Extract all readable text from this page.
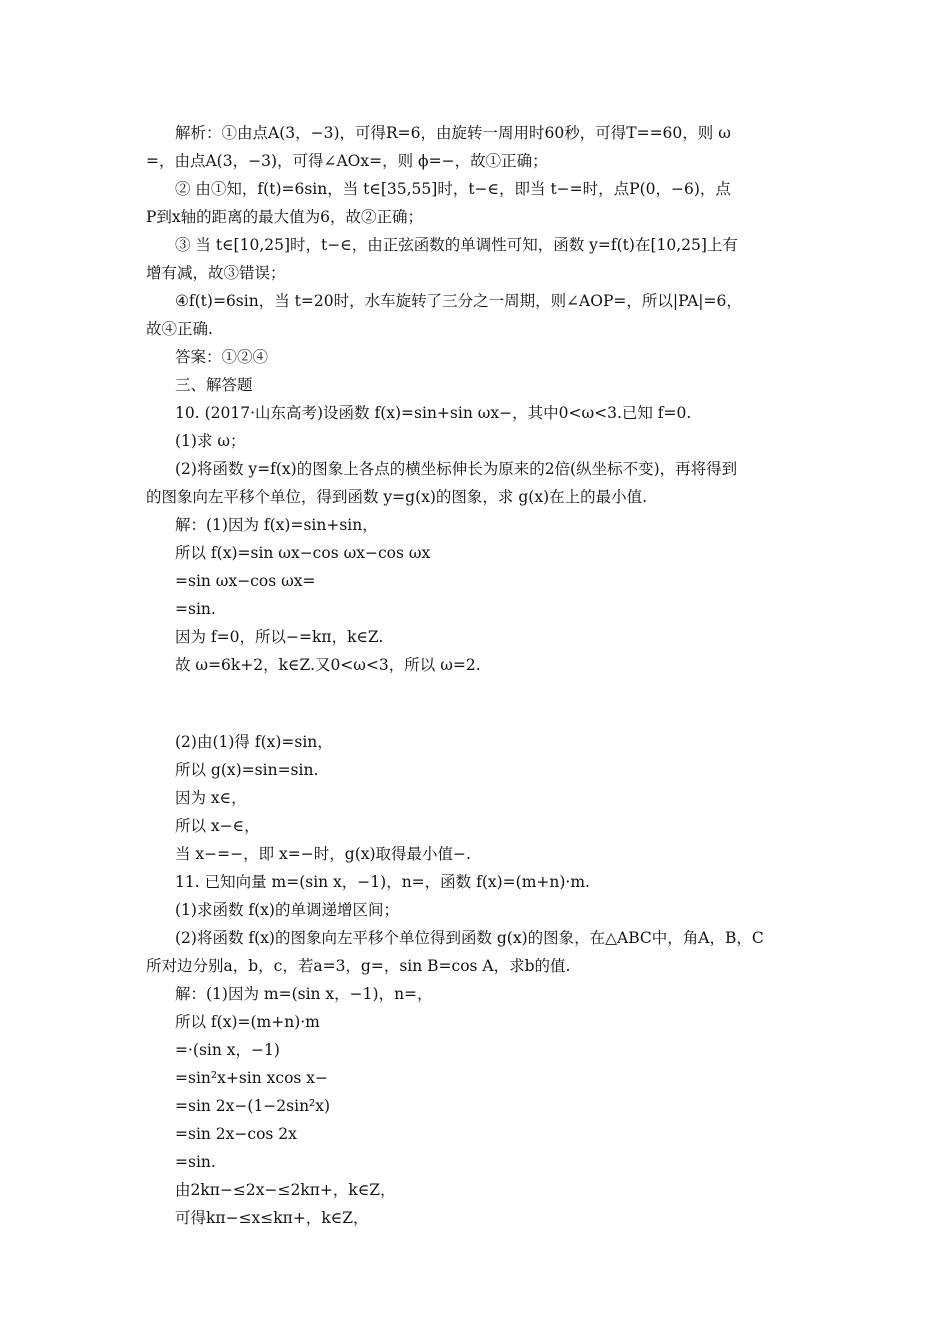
解析：①由点A(3，−3)，可得R=6，由旋转一周用时60秒，可得T==60，则 ω
=，由点A(3，−3)，可得∠AOx=，则 ϕ=−，故①正确；
② 由①知，f(t)=6sin，当 t∈[35,55]时，t−∈，即当 t−=时，点P(0，−6)，点
P到x轴的距离的最大值为6，故②正确；
③ 当 t∈[10,25]时，t−∈，由正弦函数的单调性可知，函数 y=f(t)在[10,25]上有
增有减，故③错误；
④f(t)=6sin，当 t=20时，水车旋转了三分之一周期，则∠AOP=，所以|PA|=6，
故④正确.
答案：①②④
三、解答题
10. (2017·山东高考)设函数 f(x)=sin+sin ωx−，其中0<ω<3.已知 f=0.
(1)求 ω；
(2)将函数 y=f(x)的图象上各点的横坐标伸长为原来的2倍(纵坐标不变)，再将得到
的图象向左平移个单位，得到函数 y=g(x)的图象，求 g(x)在上的最小值.
解：(1)因为 f(x)=sin+sin，
所以 f(x)=sin ωx−cos ωx−cos ωx
=sin ωx−cos ωx=
=sin.
因为 f=0，所以−=kπ，k∈Z.
故 ω=6k+2，k∈Z.又0<ω<3，所以 ω=2.
(2)由(1)得 f(x)=sin，
所以 g(x)=sin=sin.
因为 x∈，
所以 x−∈，
当 x−=−，即 x=−时，g(x)取得最小值−.
11. 已知向量 m=(sin x，−1)，n=，函数 f(x)=(m+n)·m.
(1)求函数 f(x)的单调递增区间；
(2)将函数 f(x)的图象向左平移个单位得到函数 g(x)的图象，在△ABC中，角A，B，C
所对边分别a，b，c，若a=3，g=，sin B=cos A，求b的值.
解：(1)因为 m=(sin x，−1)，n=，
所以 f(x)=(m+n)·m
=·(sin x，−1)
=sin²x+sin xcos x−
=sin 2x−(1−2sin²x)
=sin 2x−cos 2x
=sin.
由2kπ−≤2x−≤2kπ+，k∈Z，
可得kπ−≤x≤kπ+，k∈Z，
